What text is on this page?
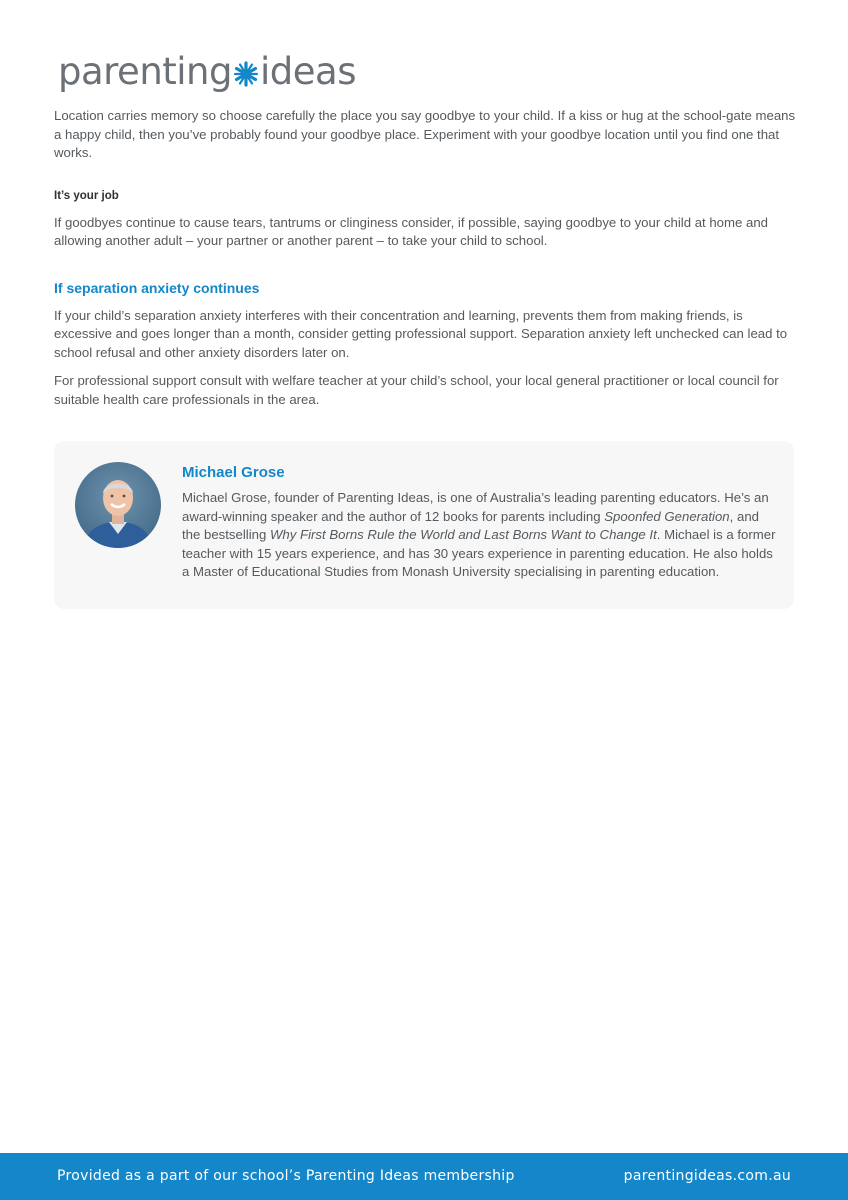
parenting ideas

Location carries memory so choose carefully the place you say goodbye to your child. If a kiss or hug at the school-gate means a happy child, then you’ve probably found your goodbye place. Experiment with your goodbye location until you find one that works.

It’s your job

If goodbyes continue to cause tears, tantrums or clinginess consider, if possible, saying goodbye to your child at home and allowing another adult – your partner or another parent – to take your child to school.

If separation anxiety continues

If your child’s separation anxiety interferes with their concentration and learning, prevents them from making friends, is excessive and goes longer than a month, consider getting professional support. Separation anxiety left unchecked can lead to school refusal and other anxiety disorders later on.

For professional support consult with welfare teacher at your child’s school, your local general practitioner or local council for suitable health care professionals in the area.

Michael Grose

Michael Grose, founder of Parenting Ideas, is one of Australia’s leading parenting educators. He’s an award-winning speaker and the author of 12 books for parents including Spoonfed Generation, and the bestselling Why First Borns Rule the World and Last Borns Want to Change It. Michael is a former teacher with 15 years experience, and has 30 years experience in parenting education. He also holds a Master of Educational Studies from Monash University specialising in parenting education.

Provided as a part of our school’s Parenting Ideas membership	parentingideas.com.au
